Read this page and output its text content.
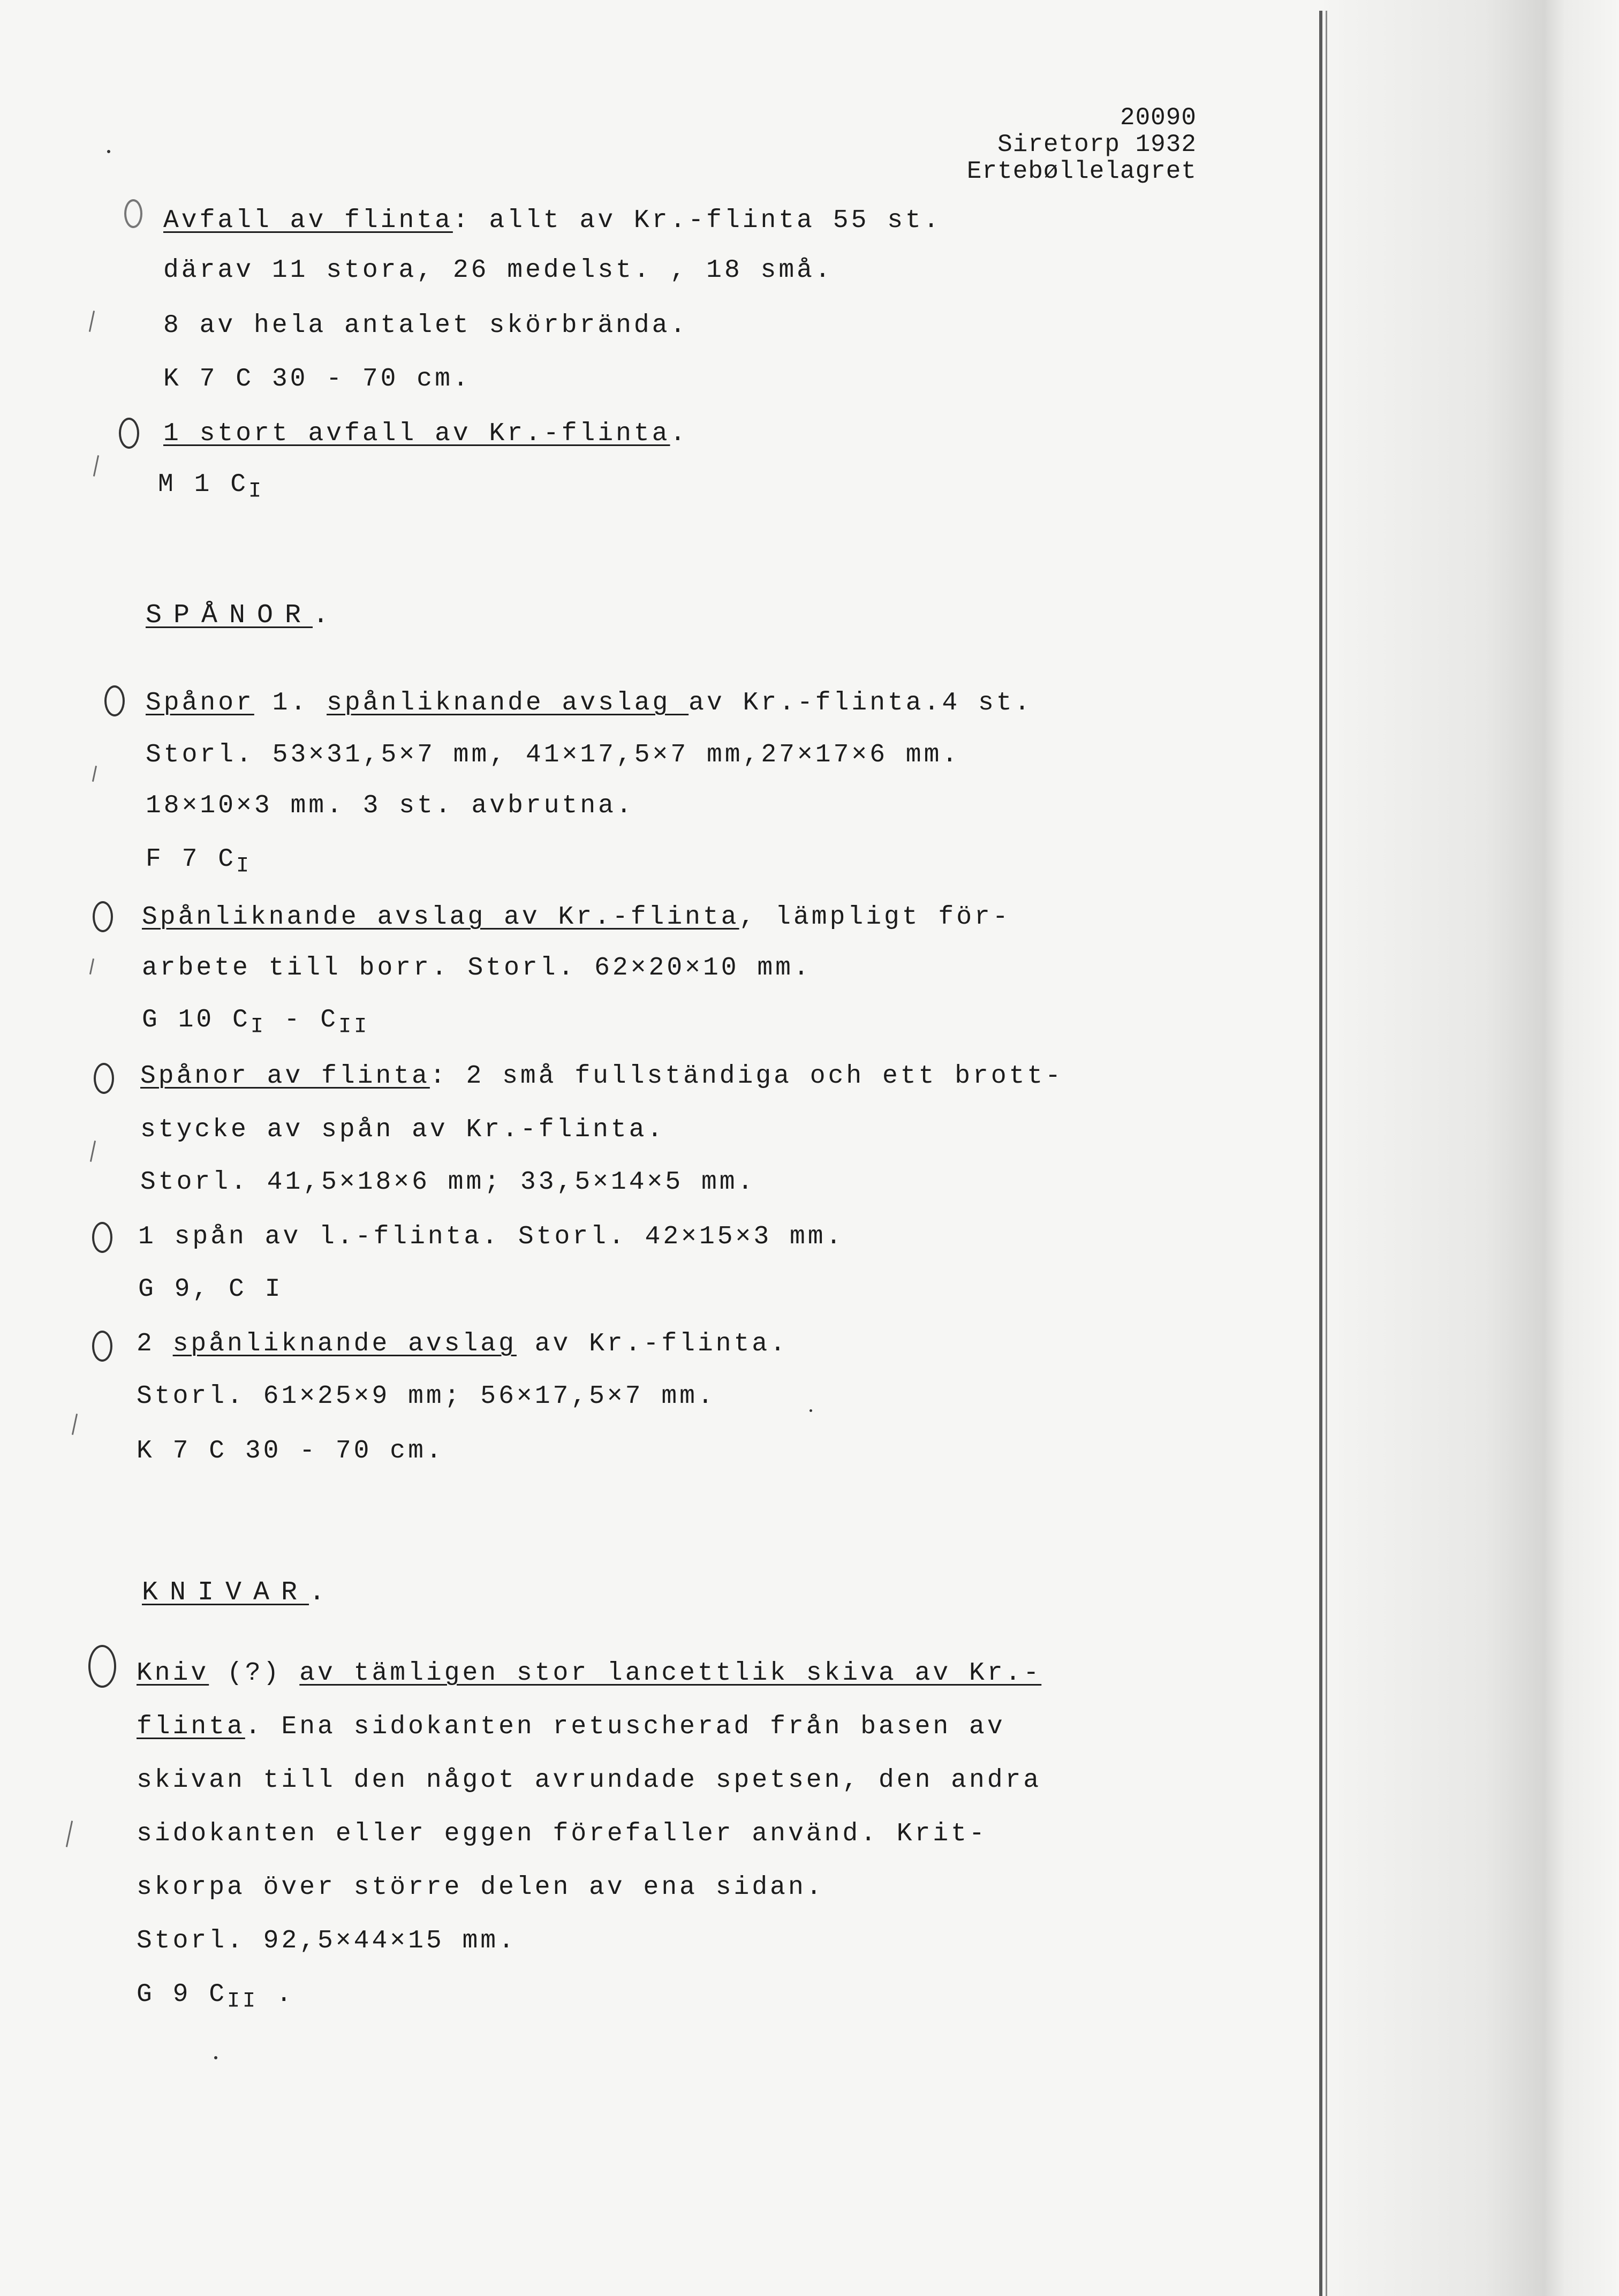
20090
Siretorp 1932
Ertebøllelagret
Avfall av flinta: allt av Kr.-flinta 55 st.
därav 11 stora, 26 medelst. , 18 små.
8 av hela antalet skörbrända.
K 7 C 30 - 70 cm.
1 stort avfall av Kr.-flinta.
M 1 $C_I$
SPÅNOR.
Spånor 1. spånliknande avslag av Kr.-flinta.4 st.
Storl. 53×31,5×7 mm, 41×17,5×7 mm,27×17×6 mm.
18×10×3 mm. 3 st. avbrutna.
F 7 $C_I$
Spånliknande avslag av Kr.-flinta, lämpligt för-
arbete till borr. Storl. 62×20×10 mm.
G 10 $C_I - C_{II}$
Spånor av flinta: 2 små fullständiga och ett brott-
stycke av spån av Kr.-flinta.
Storl. 41,5×18×6 mm; 33,5×14×5 mm.
1 spån av l.-flinta. Storl. 42×15×3 mm.
G 9, C I
2 spånliknande avslag av Kr.-flinta.
Storl. 61×25×9 mm; 56×17,5×7 mm.
K 7 C 30 - 70 cm.
KNIVAR.
Kniv (?) av tämligen stor lancettlik skiva av Kr.-
flinta. Ena sidokanten retuscherad från basen av
skivan till den något avrundade spetsen, den andra
sidokanten eller eggen förefaller använd. Krit-
skorpa över större delen av ena sidan.
Storl. 92,5×44×15 mm.
G 9 $C_{II}$ .
